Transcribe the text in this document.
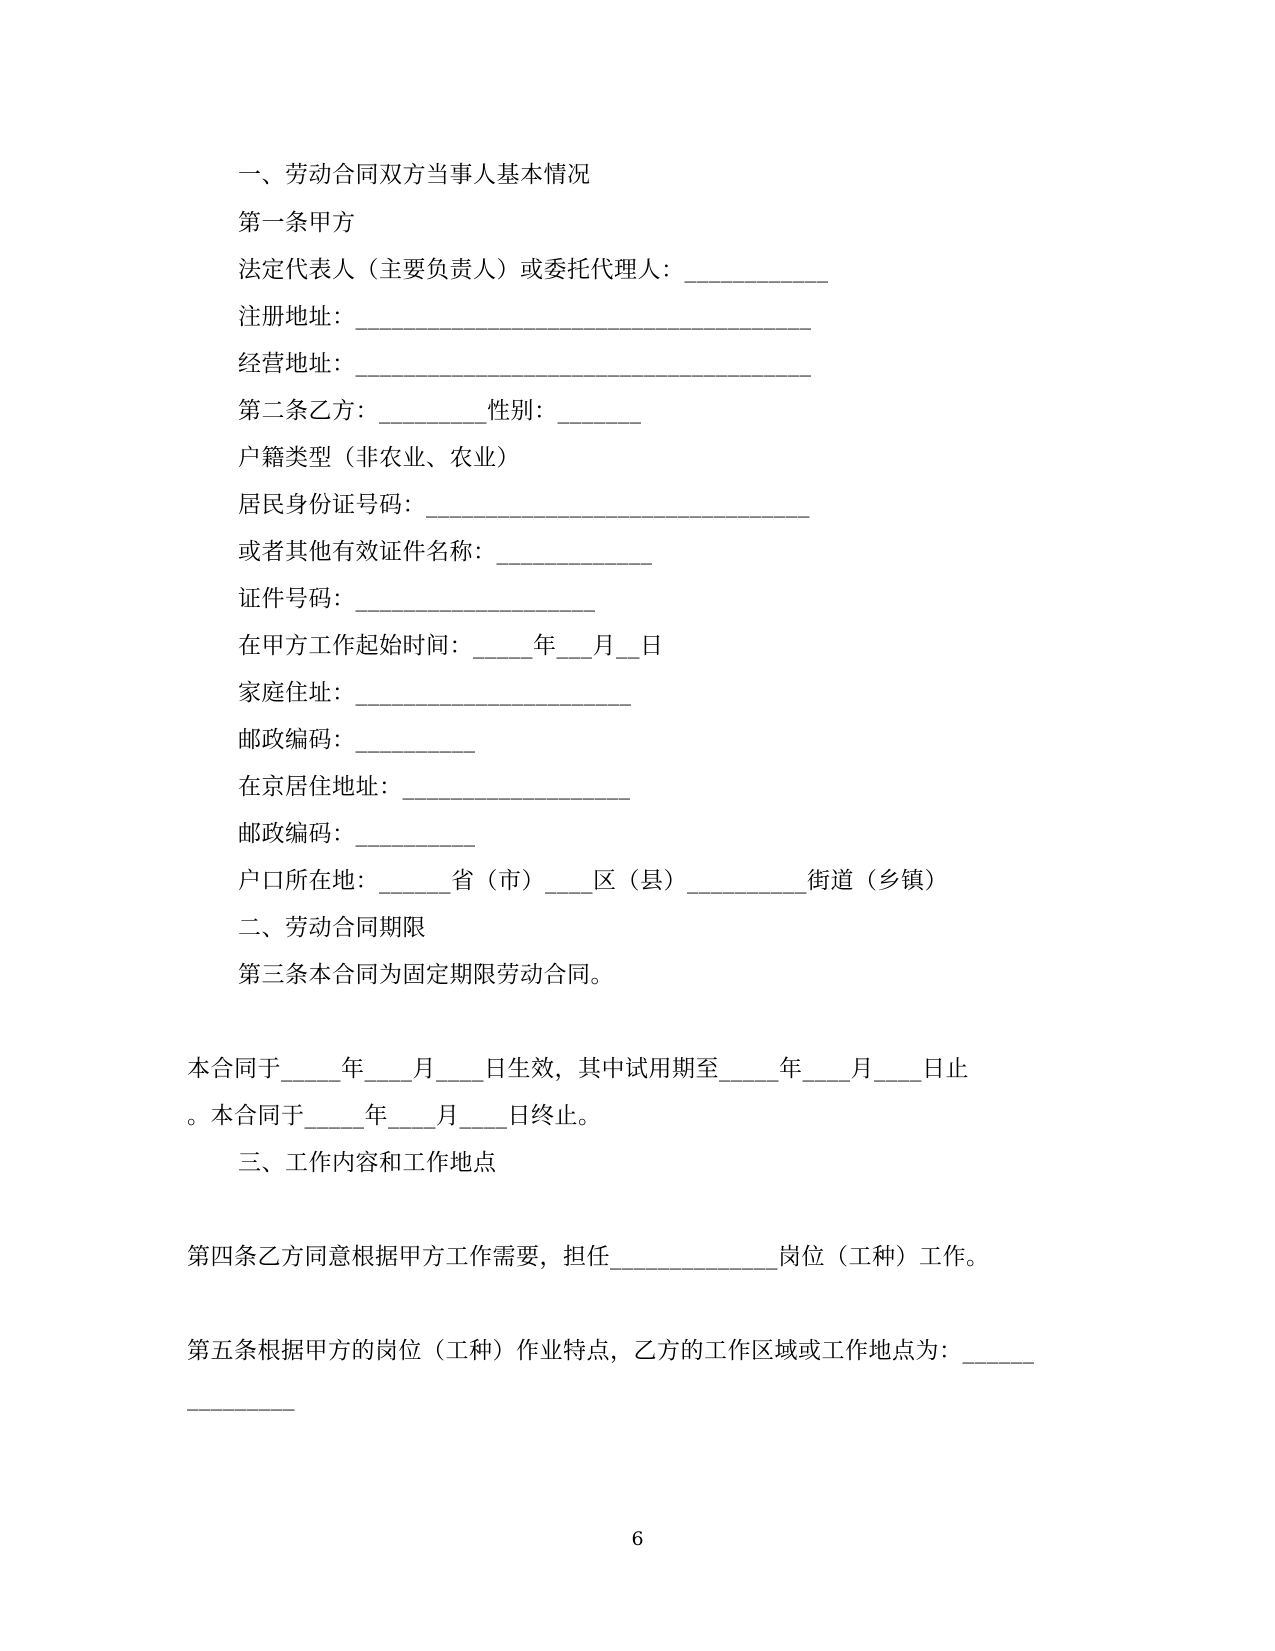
一、劳动合同双方当事人基本情况
第一条甲方
法定代表人（主要负责人）或委托代理人：____________
注册地址：______________________________________
经营地址：______________________________________
第二条乙方：_________性别：_______
户籍类型（非农业、农业）
居民身份证号码：________________________________
或者其他有效证件名称：_____________
证件号码：____________________
在甲方工作起始时间：_____年___月__日
家庭住址：_______________________
邮政编码：__________
在京居住地址：___________________
邮政编码：__________
户口所在地：______省（市）____区（县）__________街道（乡镇）
二、劳动合同期限
第三条本合同为固定期限劳动合同。
本合同于_____年____月____日生效，其中试用期至_____年____月____日止
。本合同于_____年____月____日终止。
三、工作内容和工作地点
第四条乙方同意根据甲方工作需要，担任______________岗位（工种）工作。
第五条根据甲方的岗位（工种）作业特点，乙方的工作区域或工作地点为：______
_________
6
